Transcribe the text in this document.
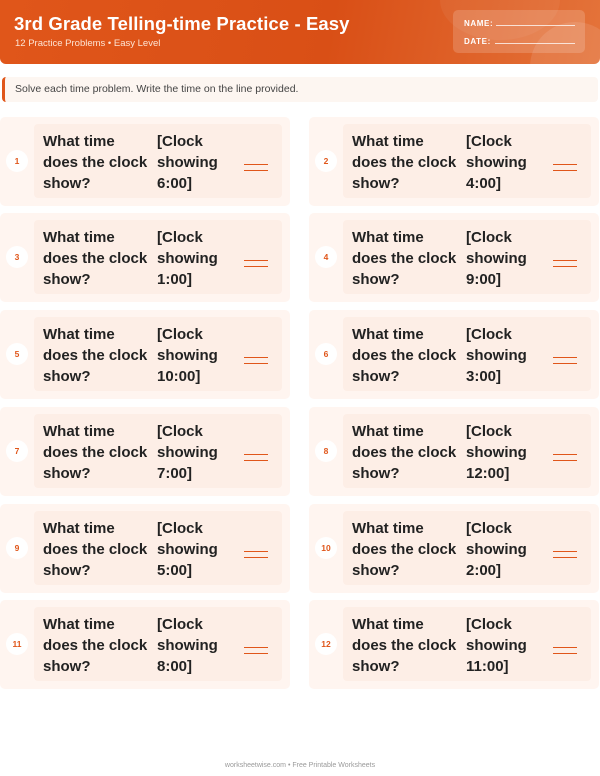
3rd Grade Telling-time Practice - Easy
12 Practice Problems • Easy Level
NAME:
DATE:
Solve each time problem. Write the time on the line provided.
1
What time
does the clock
show?
[Clock
showing
6:00]
2
What time
does the clock
show?
[Clock
showing
4:00]
3
What time
does the clock
show?
[Clock
showing
1:00]
4
What time
does the clock
show?
[Clock
showing
9:00]
5
What time
does the clock
show?
[Clock
showing
10:00]
6
What time
does the clock
show?
[Clock
showing
3:00]
7
What time
does the clock
show?
[Clock
showing
7:00]
8
What time
does the clock
show?
[Clock
showing
12:00]
9
What time
does the clock
show?
[Clock
showing
5:00]
10
What time
does the clock
show?
[Clock
showing
2:00]
11
What time
does the clock
show?
[Clock
showing
8:00]
12
What time
does the clock
show?
[Clock
showing
11:00]
worksheetwise.com • Free Printable Worksheets
